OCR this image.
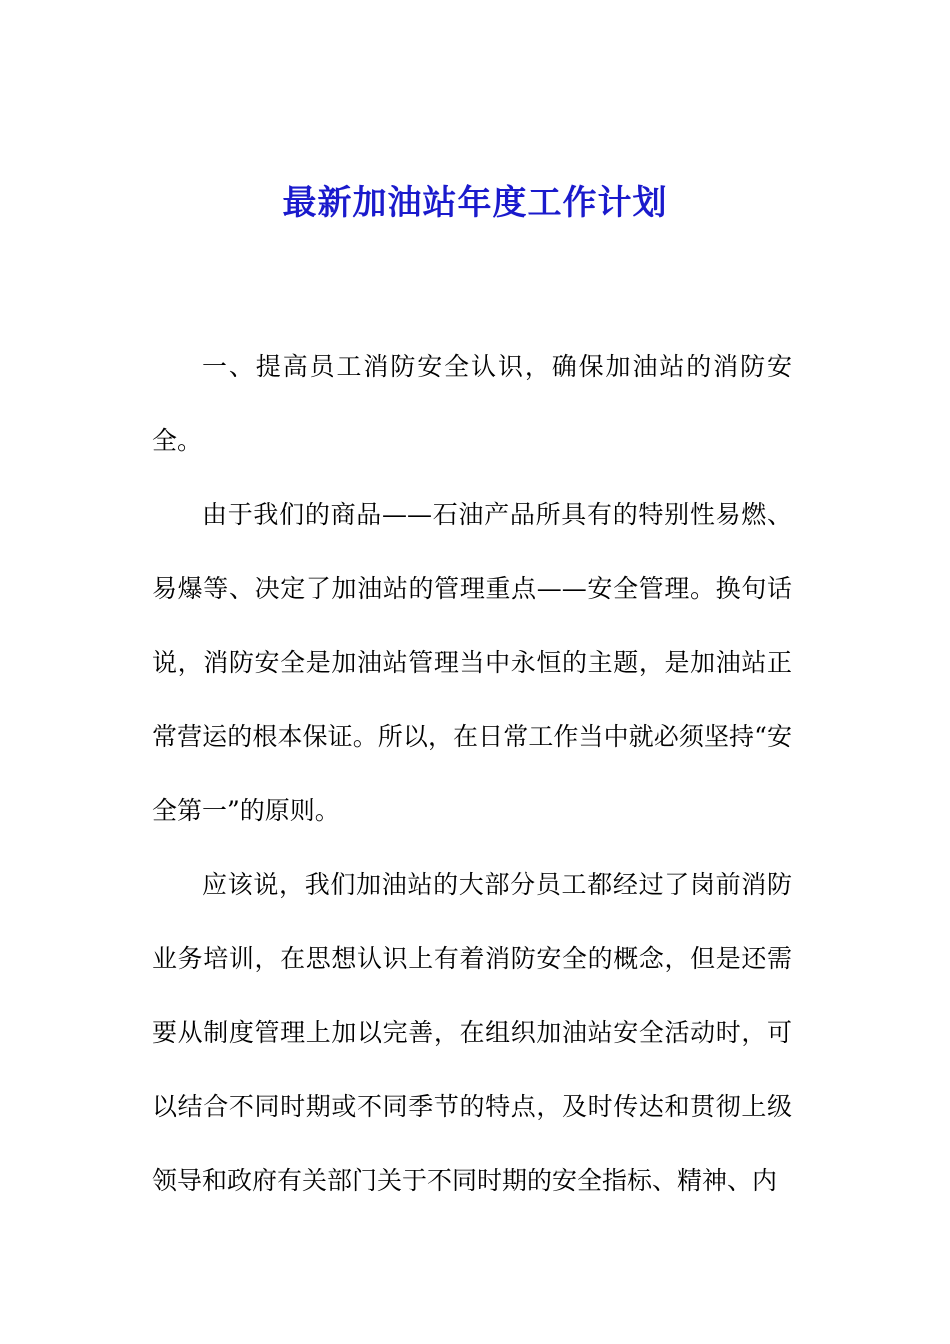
最新加油站年度工作计划

一、提高员工消防安全认识，确保加油站的消防安全。

由于我们的商品——石油产品所具有的特别性易燃、易爆等、决定了加油站的管理重点——安全管理。换句话说，消防安全是加油站管理当中永恒的主题，是加油站正常营运的根本保证。所以，在日常工作当中就必须坚持“安全第一”的原则。

应该说，我们加油站的大部分员工都经过了岗前消防业务培训，在思想认识上有着消防安全的概念，但是还需要从制度管理上加以完善，在组织加油站安全活动时，可以结合不同时期或不同季节的特点，及时传达和贯彻上级领导和政府有关部门关于不同时期的安全指标、精神、内
